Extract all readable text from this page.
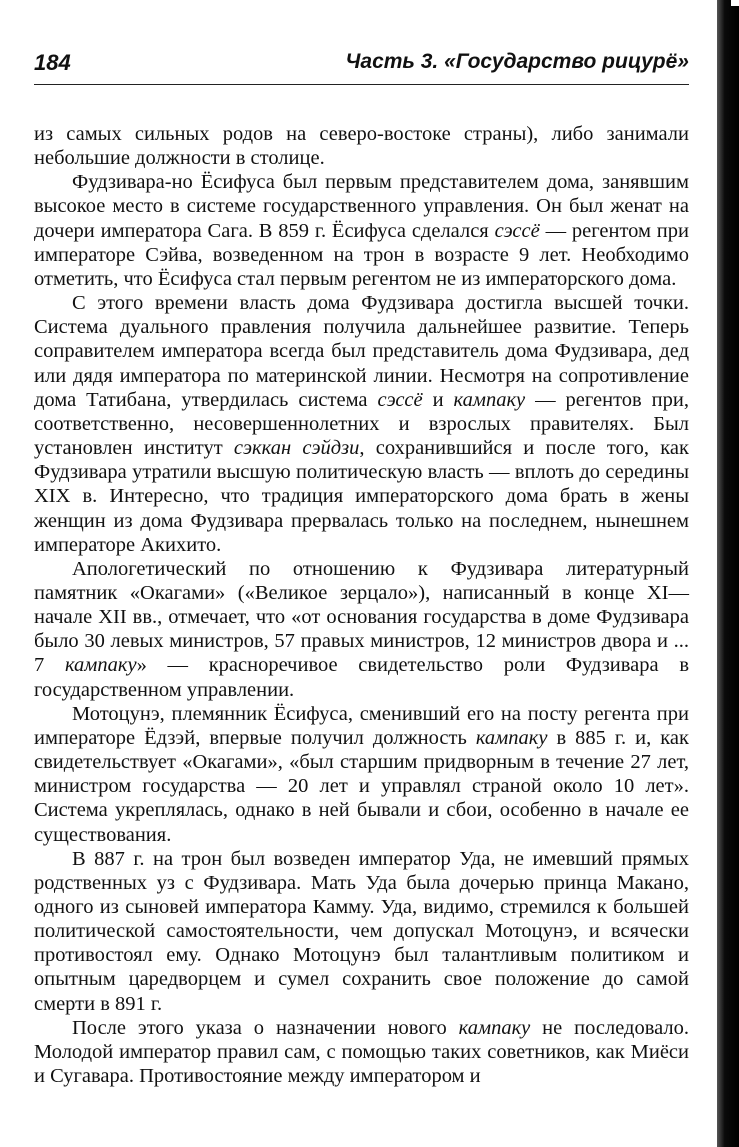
184	Часть 3. «Государство рицурё»

из самых сильных родов на северо-востоке страны), либо занимали небольшие должности в столице.

Фудзивара-но Ёсифуса был первым представителем дома, занявшим высокое место в системе государственного управления. Он был женат на дочери императора Сага. В 859 г. Ёсифуса сделался сэссё — регентом при императоре Сэйва, возведенном на трон в возрасте 9 лет. Необходимо отметить, что Ёсифуса стал первым регентом не из императорского дома.

С этого времени власть дома Фудзивара достигла высшей точки. Система дуального правления получила дальнейшее развитие. Теперь соправителем императора всегда был представитель дома Фудзивара, дед или дядя императора по материнской линии. Несмотря на сопротивление дома Татибана, утвердилась система сэссё и кампаку — регентов при, соответственно, несовершеннолетних и взрослых правителях. Был установлен институт сэккан сэйдзи, сохранившийся и после того, как Фудзивара утратили высшую политическую власть — вплоть до середины XIX в. Интересно, что традиция императорского дома брать в жены женщин из дома Фудзивара прервалась только на последнем, нынешнем императоре Акихито.

Апологетический по отношению к Фудзивара литературный памятник «Окагами» («Великое зерцало»), написанный в конце XI—начале XII вв., отмечает, что «от основания государства в доме Фудзивара было 30 левых министров, 57 правых министров, 12 министров двора и ... 7 кампаку» — красноречивое свидетельство роли Фудзивара в государственном управлении.

Мотоцунэ, племянник Ёсифуса, сменивший его на посту регента при императоре Ёдзэй, впервые получил должность кампаку в 885 г. и, как свидетельствует «Окагами», «был старшим придворным в течение 27 лет, министром государства — 20 лет и управлял страной около 10 лет». Система укреплялась, однако в ней бывали и сбои, особенно в начале ее существования.

В 887 г. на трон был возведен император Уда, не имевший прямых родственных уз с Фудзивара. Мать Уда была дочерью принца Макано, одного из сыновей императора Камму. Уда, видимо, стремился к большей политической самостоятельности, чем допускал Мотоцунэ, и всячески противостоял ему. Однако Мотоцунэ был талантливым политиком и опытным царедворцем и сумел сохранить свое положение до самой смерти в 891 г.

После этого указа о назначении нового кампаку не последовало. Молодой император правил сам, с помощью таких советников, как Миёси и Сугавара. Противостояние между императором и
